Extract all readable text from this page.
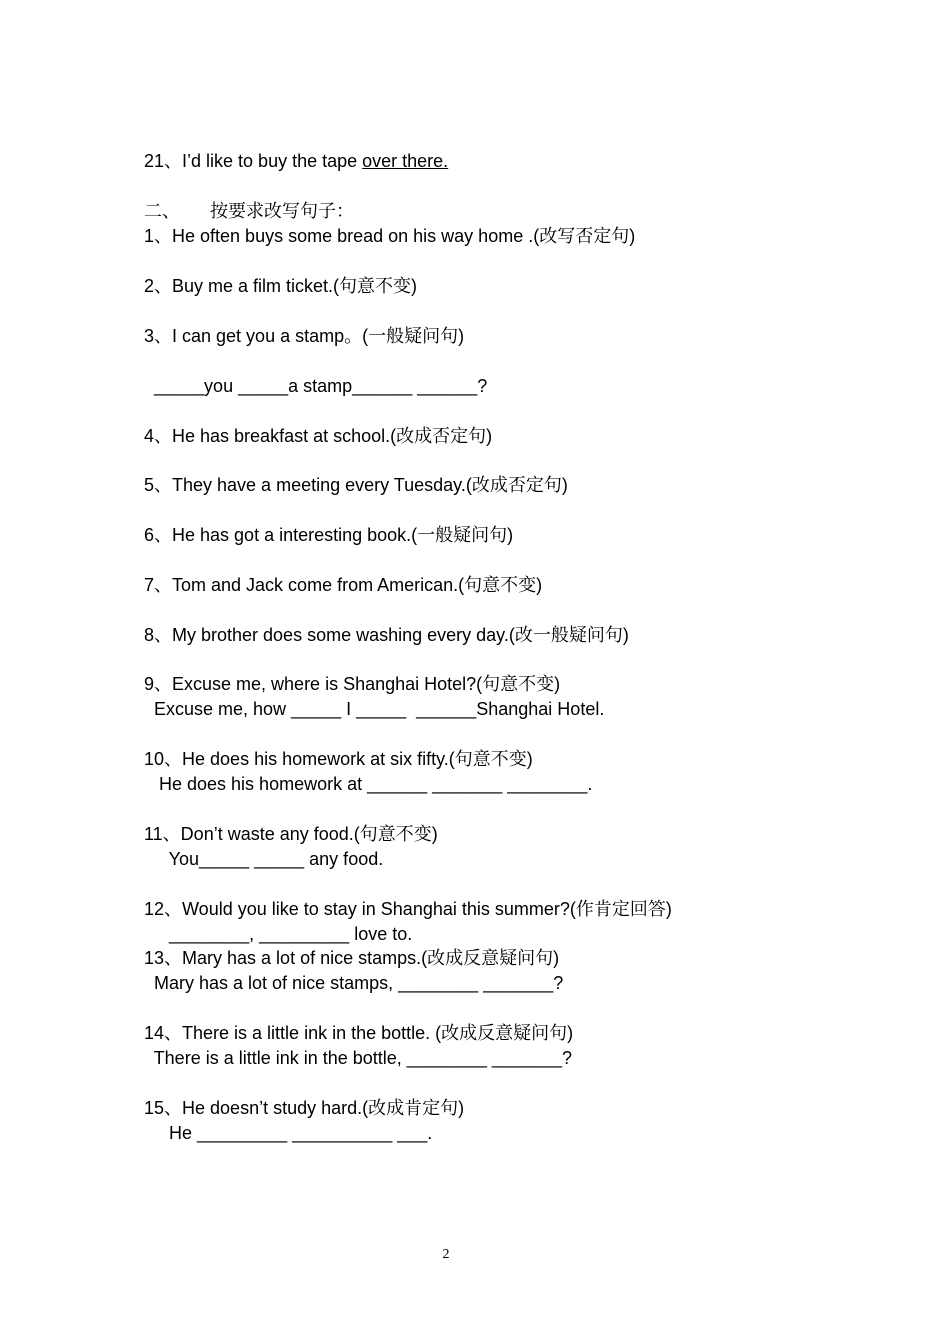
21、I’d like to buy the tape over there.
二、      按要求改写句子：
1、He often buys some bread on his way home .(改写否定句)
2、Buy me a film ticket.(句意不变)
3、I can get you a stamp。(一般疑问句)
_____you _____a stamp______ ______?
4、He has breakfast at school.(改成否定句)
5、They have a meeting every Tuesday.(改成否定句)
6、He has got a interesting book.(一般疑问句)
7、Tom and Jack come from American.(句意不变)
8、My brother does some washing every day.(改一般疑问句)
9、Excuse me, where is Shanghai Hotel?(句意不变)
Excuse me, how _____ I _____  ______Shanghai Hotel.
10、He does his homework at six fifty.(句意不变)
He does his homework at ______ _______ ________.
11、Don’t waste any food.(句意不变)
You_____ _____ any food.
12、Would you like to stay in Shanghai this summer?(作肯定回答)
________, _________ love to.
13、Mary has a lot of nice stamps.(改成反意疑问句)
Mary has a lot of nice stamps, ________ _______?
14、There is a little ink in the bottle. (改成反意疑问句)
There is a little ink in the bottle, ________ _______?
15、He doesn’t study hard.(改成肯定句)
He _________ __________ ___.
2
